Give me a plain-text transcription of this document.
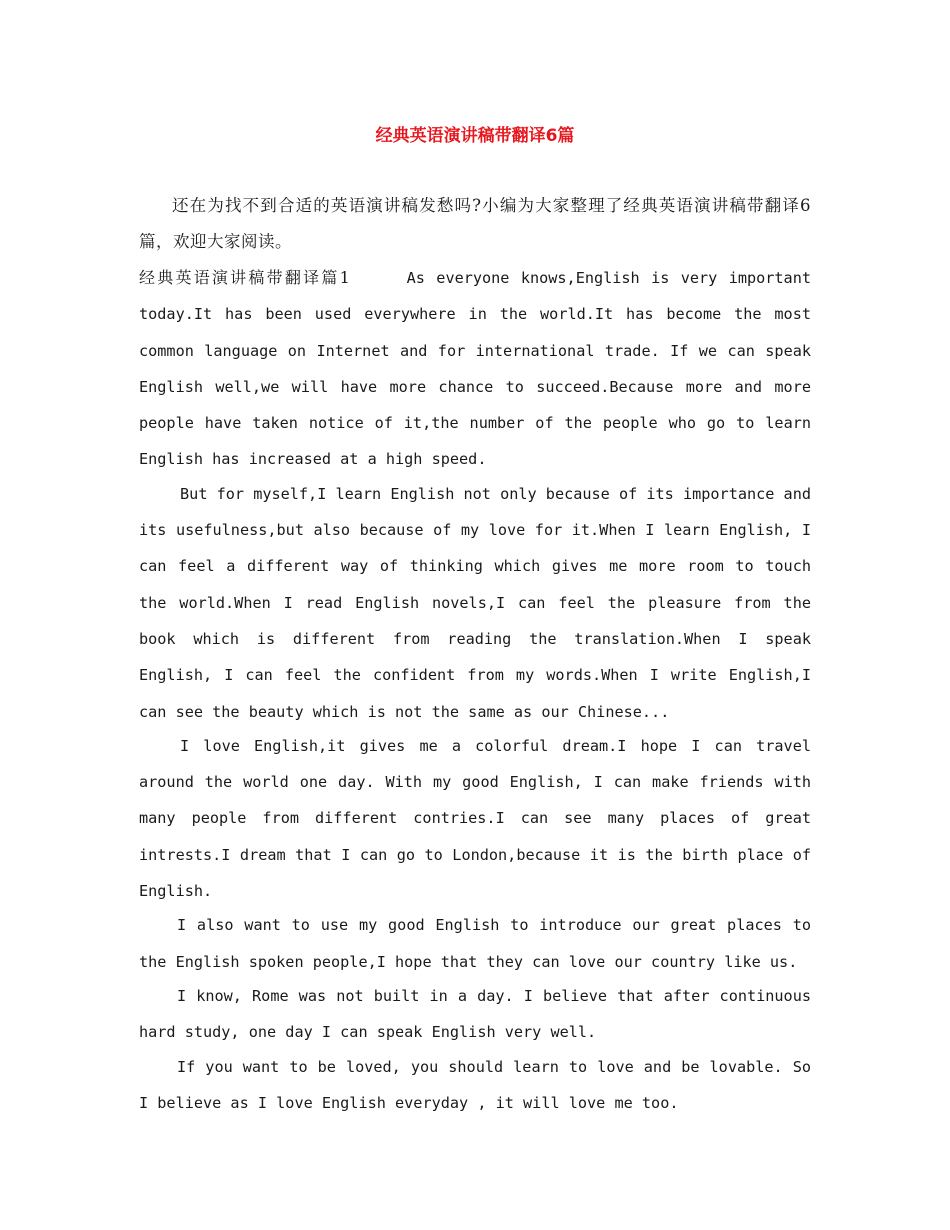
经典英语演讲稿带翻译6篇

还在为找不到合适的英语演讲稿发愁吗?小编为大家整理了经典英语演讲稿带翻译6篇，欢迎大家阅读。

经典英语演讲稿带翻译篇1	As everyone knows,English is very important today.It has been used everywhere in the world.It has become the most common language on Internet and for international trade. If we can speak English well,we will have more chance to succeed.Because more and more people have taken notice of it,the number of the people who go to learn English has increased at a high speed.

But for myself,I learn English not only because of its importance and its usefulness,but also because of my love for it.When I learn English, I can feel a different way of thinking which gives me more room to touch the world.When I read English novels,I can feel the pleasure from the book which is different from reading the translation.When I speak English, I can feel the confident from my words.When I write English,I can see the beauty which is not the same as our Chinese...

I love English,it gives me a colorful dream.I hope I can travel around the world one day. With my good English, I can make friends with many people from different contries.I can see many places of great intrests.I dream that I can go to London,because it is the birth place of English.

I also want to use my good English to introduce our great places to the English spoken people,I hope that they can love our country like us.

I know, Rome was not built in a day. I believe that after continuous hard study, one day I can speak English very well.

If you want to be loved, you should learn to love and be lovable. So I believe as I love English everyday , it will love me too.
